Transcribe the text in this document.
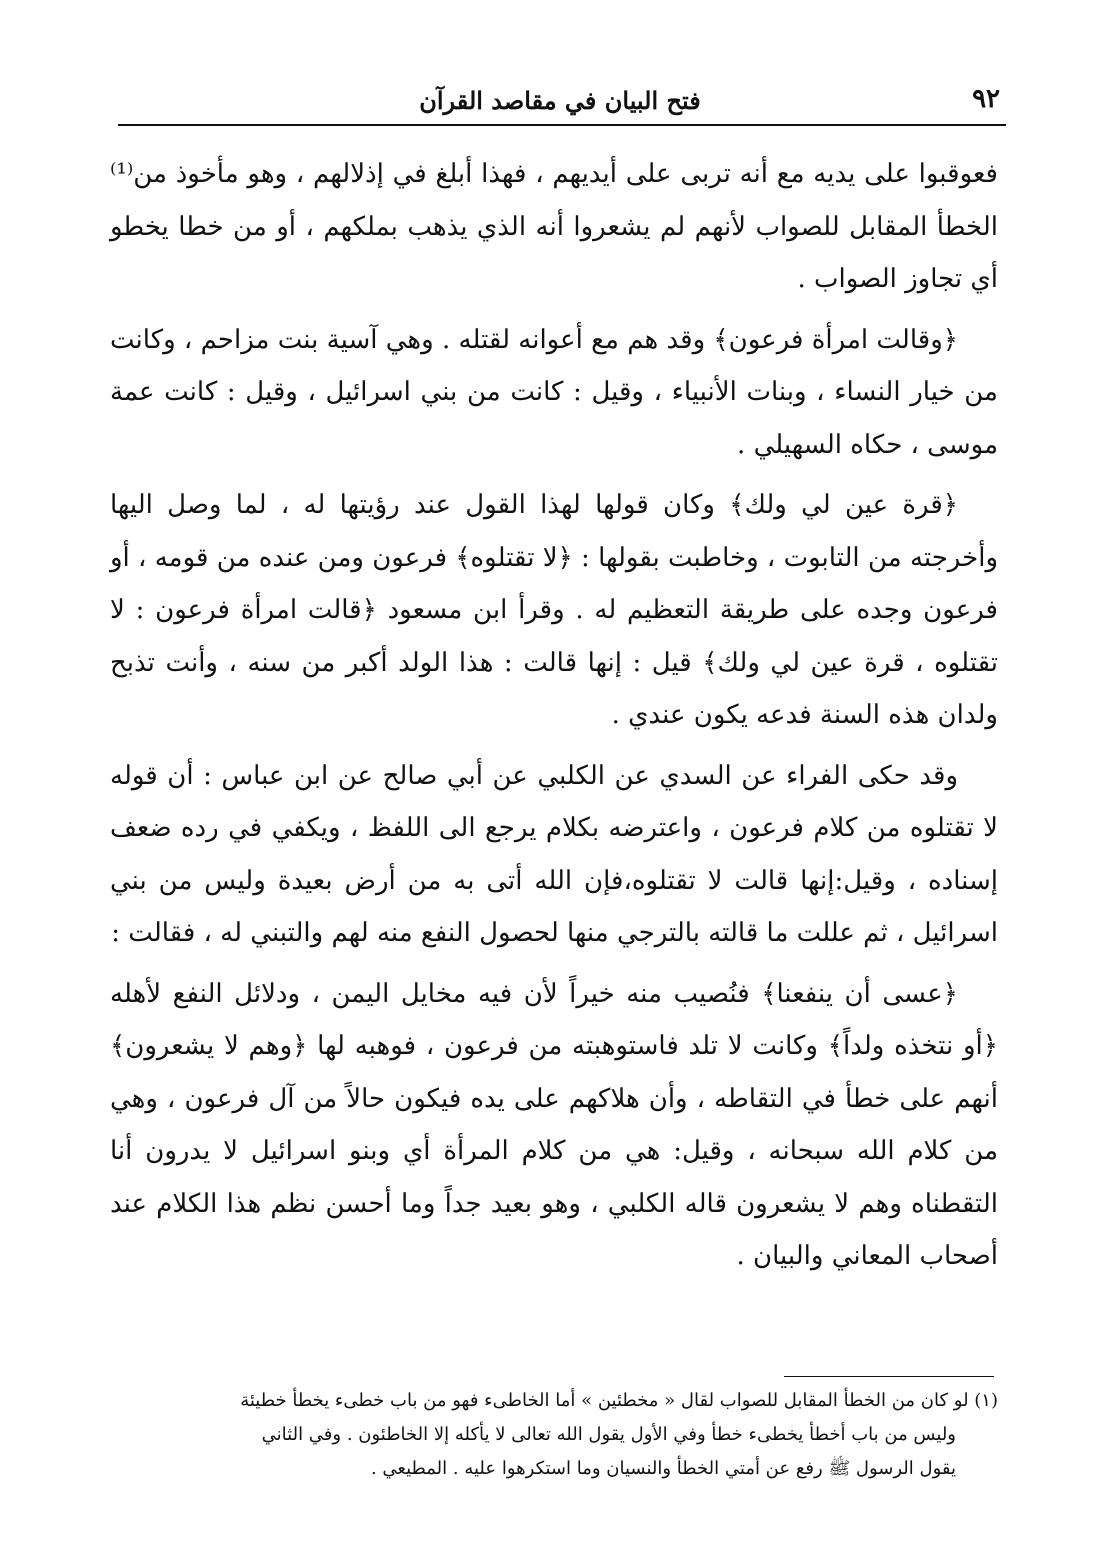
٩٢
فتح البيان في مقاصد القرآن

فعوقبوا على يديه مع أنه تربى على أيديهم ، فهذا أبلغ في إذلالهم ، وهو مأخوذ من⁽¹⁾ الخطأ المقابل للصواب لأنهم لم يشعروا أنه الذي يذهب بملكهم ، أو من خطا يخطو أي تجاوز الصواب .

﴿وقالت امرأة فرعون﴾ وقد هم مع أعوانه لقتله . وهي آسية بنت مزاحم ، وكانت من خيار النساء ، وبنات الأنبياء ، وقيل : كانت من بني اسرائيل ، وقيل : كانت عمة موسى ، حكاه السهيلي .

﴿قرة عين لي ولك﴾ وكان قولها لهذا القول عند رؤيتها له ، لما وصل اليها وأخرجته من التابوت ، وخاطبت بقولها : ﴿لا تقتلوه﴾ فرعون ومن عنده من قومه ، أو فرعون وجده على طريقة التعظيم له . وقرأ ابن مسعود ﴿قالت امرأة فرعون : لا تقتلوه ، قرة عين لي ولك﴾ قيل : إنها قالت : هذا الولد أكبر من سنه ، وأنت تذبح ولدان هذه السنة فدعه يكون عندي .

وقد حكى الفراء عن السدي عن الكلبي عن أبي صالح عن ابن عباس : أن قوله لا تقتلوه من كلام فرعون ، واعترضه بكلام يرجع الى اللفظ ، ويكفي في رده ضعف إسناده ، وقيل:إنها قالت لا تقتلوه،فإن الله أتى به من أرض بعيدة وليس من بني اسرائيل ، ثم عللت ما قالته بالترجي منها لحصول النفع منه لهم والتبني له ، فقالت :

﴿عسى أن ينفعنا﴾ فنُصيب منه خيراً لأن فيه مخايل اليمن ، ودلائل النفع لأهله ﴿أو نتخذه ولداً﴾ وكانت لا تلد فاستوهبته من فرعون ، فوهبه لها ﴿وهم لا يشعرون﴾ أنهم على خطأ في التقاطه ، وأن هلاكهم على يده فيكون حالاً من آل فرعون ، وهي من كلام الله سبحانه ، وقيل: هي من كلام المرأة أي وبنو اسرائيل لا يدرون أنا التقطناه وهم لا يشعرون قاله الكلبي ، وهو بعيد جداً وما أحسن نظم هذا الكلام عند أصحاب المعاني والبيان .

(١) لو كان من الخطأ المقابل للصواب لقال « مخطئين » أما الخاطىء فهو من باب خطىء يخطأ خطيئة
وليس من باب أخطأ يخطىء خطأ وفي الأول يقول الله تعالى لا يأكله إلا الخاطئون . وفي الثاني
يقول الرسول ﷺ رفع عن أمتي الخطأ والنسيان وما استكرهوا عليه . المطيعي .
